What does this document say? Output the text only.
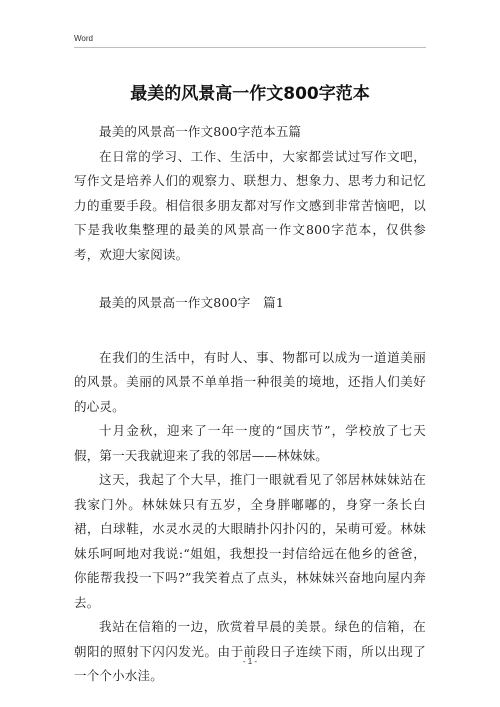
Word
最美的风景高一作文800字范本

最美的风景高一作文800字范本五篇

在日常的学习、工作、生活中，大家都尝试过写作文吧，写作文是培养人们的观察力、联想力、想象力、思考力和记忆力的重要手段。相信很多朋友都对写作文感到非常苦恼吧，以下是我收集整理的最美的风景高一作文800字范本，仅供参考，欢迎大家阅读。

最美的风景高一作文800字　篇1

在我们的生活中，有时人、事、物都可以成为一道道美丽的风景。美丽的风景不单单指一种很美的境地，还指人们美好的心灵。

十月金秋，迎来了一年一度的“国庆节”，学校放了七天假，第一天我就迎来了我的邻居——林妹妹。

这天，我起了个大早，推门一眼就看见了邻居林妹妹站在我家门外。林妹妹只有五岁，全身胖嘟嘟的，身穿一条长白裙，白球鞋，水灵水灵的大眼睛扑闪扑闪的，呆萌可爱。林妹妹乐呵呵地对我说:“姐姐，我想投一封信给远在他乡的爸爸，你能帮我投一下吗?”我笑着点了点头，林妹妹兴奋地向屋内奔去。

我站在信箱的一边，欣赏着早晨的美景。绿色的信箱，在朝阳的照射下闪闪发光。由于前段日子连续下雨，所以出现了一个个小水洼。

- 1 -
